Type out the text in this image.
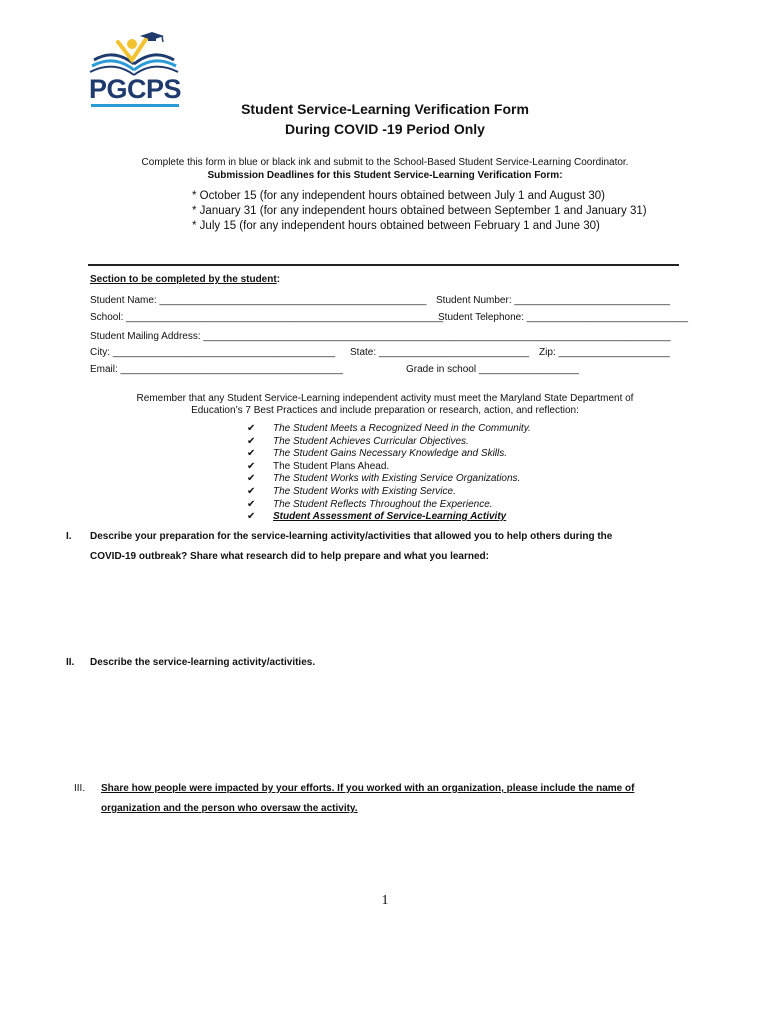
PGCPS
Student Service-Learning Verification Form
During COVID -19 Period Only
Complete this form in blue or black ink and submit to the School-Based Student Service-Learning Coordinator.
Submission Deadlines for this Student Service-Learning Verification Form:
* October 15 (for any independent hours obtained between July 1 and August 30)
* January 31 (for any independent hours obtained between September 1 and January 31)
* July 15 (for any independent hours obtained between February 1 and June 30)
Section to be completed by the student:
Student Name: ________________________________________________ Student Number: ____________________________
School: _________________________________________________________
Student Telephone: _____________________________
Student Mailing Address: ____________________________________________________________________________________
City: ________________________________________ State: ___________________________ Zip: ____________________
Email: ________________________________________	Grade in school __________________
Remember that any Student Service-Learning independent activity must meet the Maryland State Department of
Education’s 7 Best Practices and include preparation or research, action, and reflection:
✔ The Student Meets a Recognized Need in the Community.
✔ The Student Achieves Curricular Objectives.
✔ The Student Gains Necessary Knowledge and Skills.
✔ The Student Plans Ahead.
✔ The Student Works with Existing Service Organizations.
✔ The Student Works with Existing Service.
✔ The Student Reflects Throughout the Experience.
✔ Student Assessment of Service-Learning Activity
I. Describe your preparation for the service-learning activity/activities that allowed you to help others during the
COVID-19 outbreak? Share what research did to help prepare and what you learned:
II. Describe the service-learning activity/activities.
III. Share how people were impacted by your efforts. If you worked with an organization, please include the name of
organization and the person who oversaw the activity.
1
